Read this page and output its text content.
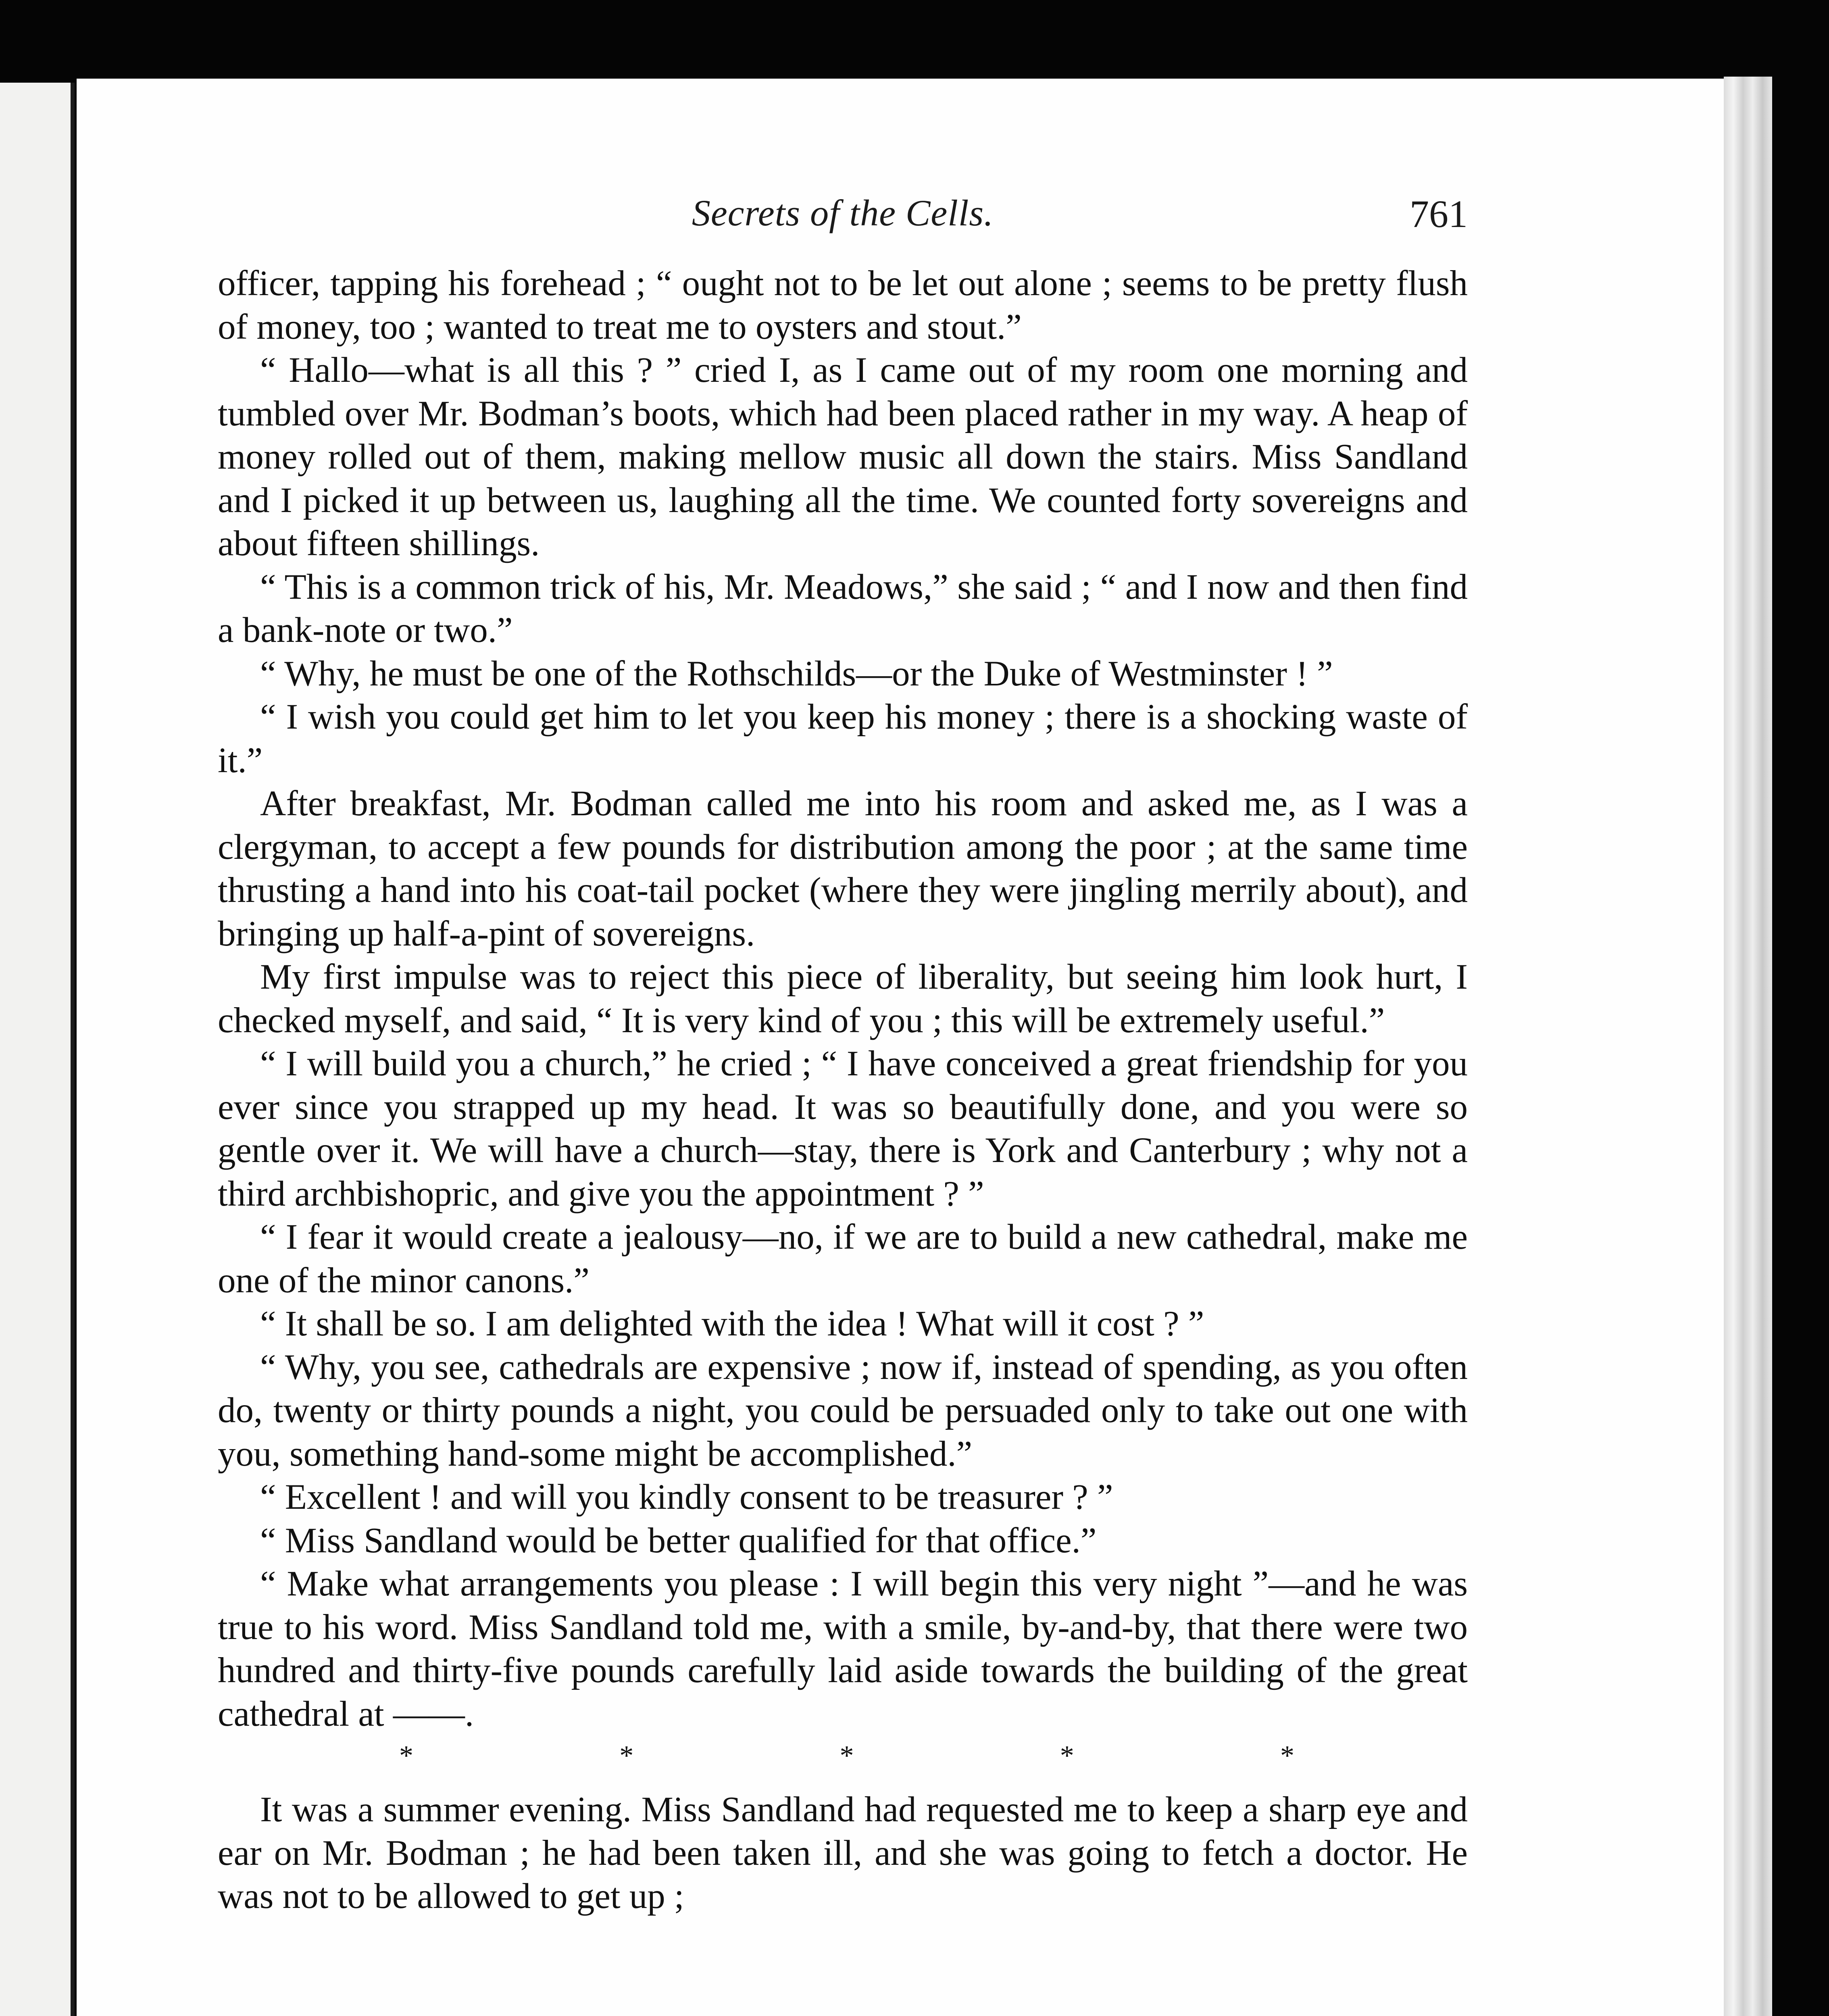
Secrets of the Cells.	761

officer, tapping his forehead ; “ ought not to be let out alone ; seems to be pretty flush of money, too ; wanted to treat me to oysters and stout.”

“ Hallo—what is all this ? ” cried I, as I came out of my room one morning and tumbled over Mr. Bodman’s boots, which had been placed rather in my way. A heap of money rolled out of them, making mellow music all down the stairs. Miss Sandland and I picked it up between us, laughing all the time. We counted forty sovereigns and about fifteen shillings.

“ This is a common trick of his, Mr. Meadows,” she said ; “ and I now and then find a bank-note or two.”

“ Why, he must be one of the Rothschilds—or the Duke of Westminster ! ”

“ I wish you could get him to let you keep his money ; there is a shocking waste of it.”

After breakfast, Mr. Bodman called me into his room and asked me, as I was a clergyman, to accept a few pounds for distribution among the poor ; at the same time thrusting a hand into his coat-tail pocket (where they were jingling merrily about), and bringing up half-a-pint of sovereigns.

My first impulse was to reject this piece of liberality, but seeing him look hurt, I checked myself, and said, “ It is very kind of you ; this will be extremely useful.”

“ I will build you a church,” he cried ; “ I have conceived a great friendship for you ever since you strapped up my head. It was so beautifully done, and you were so gentle over it. We will have a church—stay, there is York and Canterbury ; why not a third archbishopric, and give you the appointment ? ”

“ I fear it would create a jealousy—no, if we are to build a new cathedral, make me one of the minor canons.”

“ It shall be so. I am delighted with the idea ! What will it cost ? ”

“ Why, you see, cathedrals are expensive ; now if, instead of spending, as you often do, twenty or thirty pounds a night, you could be persuaded only to take out one with you, something hand-some might be accomplished.”

“ Excellent ! and will you kindly consent to be treasurer ? ”

“ Miss Sandland would be better qualified for that office.”

“ Make what arrangements you please : I will begin this very night ”—and he was true to his word. Miss Sandland told me, with a smile, by-and-by, that there were two hundred and thirty-five pounds carefully laid aside towards the building of the great cathedral at ——.

*	*	*	*	*

It was a summer evening. Miss Sandland had requested me to keep a sharp eye and ear on Mr. Bodman ; he had been taken ill, and she was going to fetch a doctor. He was not to be allowed to get up ;
